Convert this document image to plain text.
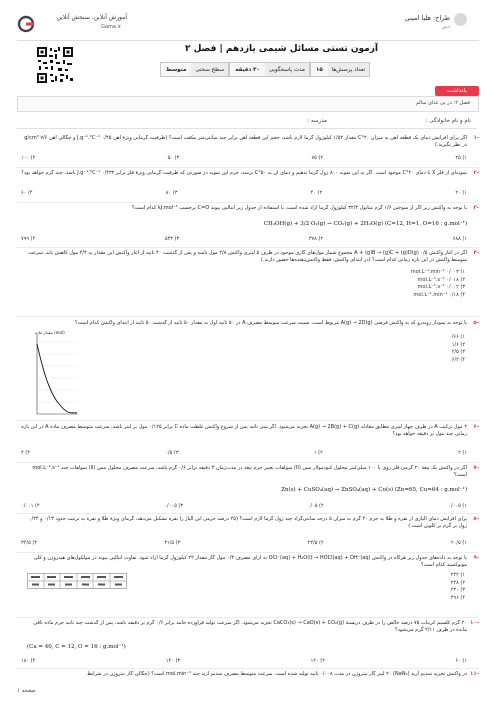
طراح: هلیا امینی
دبیر
آموزش آنلاین، سنجش آنلاین
Gama.ir
آزمون تستی مسائل شیمی یازدهم | فصل ۲
تعداد پرسش‌ها
۱۵
مدت پاسخگویی
۳۰ دقیقه
سطح سختی
متوسط
یادداشت
فصل ۲: در پی غذای سالم
نام و نام خانوادگی :
مدرسه :
۱-
اگر برای افزایش دمای یک قطعه آهن به میزان ۲۰°C مقدار ۱/۵۲ کیلوژول گرما لازم باشد، حجم این قطعه آهن برابر چند سانتی‌متر مکعب است؟ (ظرفیت گرمایی ویژهٔ آهن ۰/۴۵ J.g⁻¹.°C⁻¹ و چگالی آهن ۷/۶ g/cm³ در نظر بگیرید.)
۱) ۲۵
۲) ۷۵
۳) ۵۰
۴) ۱۰۰
۲-
نمونه‌ای از فلز X با دمای ۲۰°C موجود است. اگر به این نمونه ۸۰۰ ژول گرما بدهیم و دمای آن به ۵۰°C برسد، جرم این نمونه در صورتی که ظرفیت گرمایی ویژهٔ فلز برابر ۰/۴۳۲ J.g⁻¹.°C⁻¹ باشد، چند گرم خواهد بود؟
۱) ۲۰
۲) ۴۰
۳) ۸۰
۴) ۶۰
۳-
با توجه به واکنش زیر اگر از سوختن ۱/۶ گرم متانول ۳۲/۴ کیلوژول گرما آزاد شده است، با استفاده از جدول زیر آنتالپی پیوند C=O برحسب kJ.mol⁻¹ کدام است؟
CH₃OH(g) + 3/2 O₂(g) → CO₂(g) + 2H₂O(g) (C=12, H=1, O=16 : g.mol⁻¹)
۱) ۶۸۸
۲) ۳۷۸
۳) ۵۴۳
۴) ۷۹۹
۴-
اگر در آغاز واکنش ۰/۵ (g)A + (g)B → (g)C + (g)D مجموع شمار مول‌های گازی موجود در ظرف ۵ لیتری واکنش ۲/۸ مول باشد و پس از گذشت ۴۰ ثانیه از آغاز واکنش این مقدار به ۲/۴ مول کاهش یابد، سرعت متوسط واکنش در این بازه زمانی کدام است؟ (در ابتدای واکنش، فقط واکنش‌دهنده‌ها حضور دارند.)
۱) ۰/۰۰۳ mol.L⁻¹.min⁻¹
۲) ۰/۰۱۸ mol.L⁻¹.s⁻¹
۳) ۰/۰۰۲ mol.L⁻¹.s⁻¹
۴) ۰/۱۸ mol.L⁻¹.min⁻¹
۵-
با توجه به نمودار روبه‌رو که به واکنش فرضی A(g) → 2D(g) مربوط است، نسبت سرعت متوسط مصرف A در ۵۰ ثانیه اول به مقدار ۵۰ ثانیه از گذشت ۵۰ ثانیه از ابتدای واکنش کدام است؟
مقدار ماده (mol)
۱) ۰/۶۶
۲) ۱/۶
۳) ۲/۵
۴) ۶/۲
۶-
۲ مول ترکیب A در ظرف چهار لیتری مطابق معادله A(g) → 2B(g) + C(g) تجزیه می‌شود. اگر سی ثانیه پس از شروع واکنش غلظت ماده C برابر ۰/۱۲۵ مول بر لیتر باشد، سرعت متوسط مصرف ماده A در این بازه زمانی چند مول بر دقیقه خواهد بود؟
۱) ۲
۲) ۱
۳) ۰/۵
۴) ۴
۷-
اگر در واکنش یک تیغهٔ ۲۰ گرمی فلز روی با ۱۰۰ میلی‌لیتر محلول کبودمولار مس (II) سولفات تغییر جرم تیغه در مدت‌زمان ۳ دقیقه برابر ۰/۶ گرم باشد، سرعت مصرف محلول مس (II) سولفات چند mol.L⁻¹.s⁻¹ است؟
Zn(s) + CuSO₄(aq) → ZnSO₄(aq) + Cu(s) (Zn=65, Cu=64 : g.mol⁻¹)
۱) ۰/۰۰۵
۲) ۰/۰۵
۳) ۰/۰۰۵
۴) ۰/۰۰۱
۸-
برای افزایش دمای آلیاژی از نقره و طلا به جرم ۴۰ گرم به میزان ۵ درجه سانتی‌گراد چند ژول گرما لازم است؟ (۲۵ درصد جرمی این آلیاژ را نقره تشکیل می‌دهد، گرمای ویژهٔ طلا و نقره به ترتیب حدود ۰/۱۳ و ۰/۲۴ ژول بر گرم بر کلوین است.)
۱) ۲۰/۵
۲) ۲۳/۵
۳) ۳۱/۵
۴) ۳۴/۵
۹-
با توجه به داده‌های جدول زیر هرگاه در واکنش OCl⁻(aq) + H₂O(l) → HOCl(aq) + OH⁻(aq) به ازای مصرف ۰/۴ مول گاز مقدار ۲۲ کیلوژول گرما آزاد شود، تفاوت آنتالپی پیوند در مولکول‌های هیدروژن و کلر، مونوکسید کدام است؟
۱) ۲۴۲
۲) ۲۴۸
۳) ۲۳۰
۴) ۴۹۶
۱۰-
۲۰ گرم کلسیم کربنات ۷۵ درصد خالص را در ظرف دربستهٔ CaCO₃(s) → CaO(s) + CO₂(g) تجزیه می‌شود. اگر سرعت تولید فراورده جامد برابر ۰/۶ گرم بر دقیقه باشد، پس از گذشت چند ثانیه جرم ماده باقی مانده در ظرف ۲/۱۱ گرم می‌شود؟
(Ca = 40, C = 12, O = 16 : g.mol⁻¹)
۱) ۶۰
۲) ۱۲۰
۳) ۱۴۰
۴) ۱۸۰
۱۱-
در واکنش تجزیه سدیم آزید (NaN₃) ۲۰ لیتر گاز نیتروژن در مدت ۰/۰۰۸ ثانیه تولید شده است. سرعت متوسط مصرف سدیم آزید چند mol.min⁻¹ است؟ (چگالی گاز نیتروژن در شرایط
صفحه ۱
